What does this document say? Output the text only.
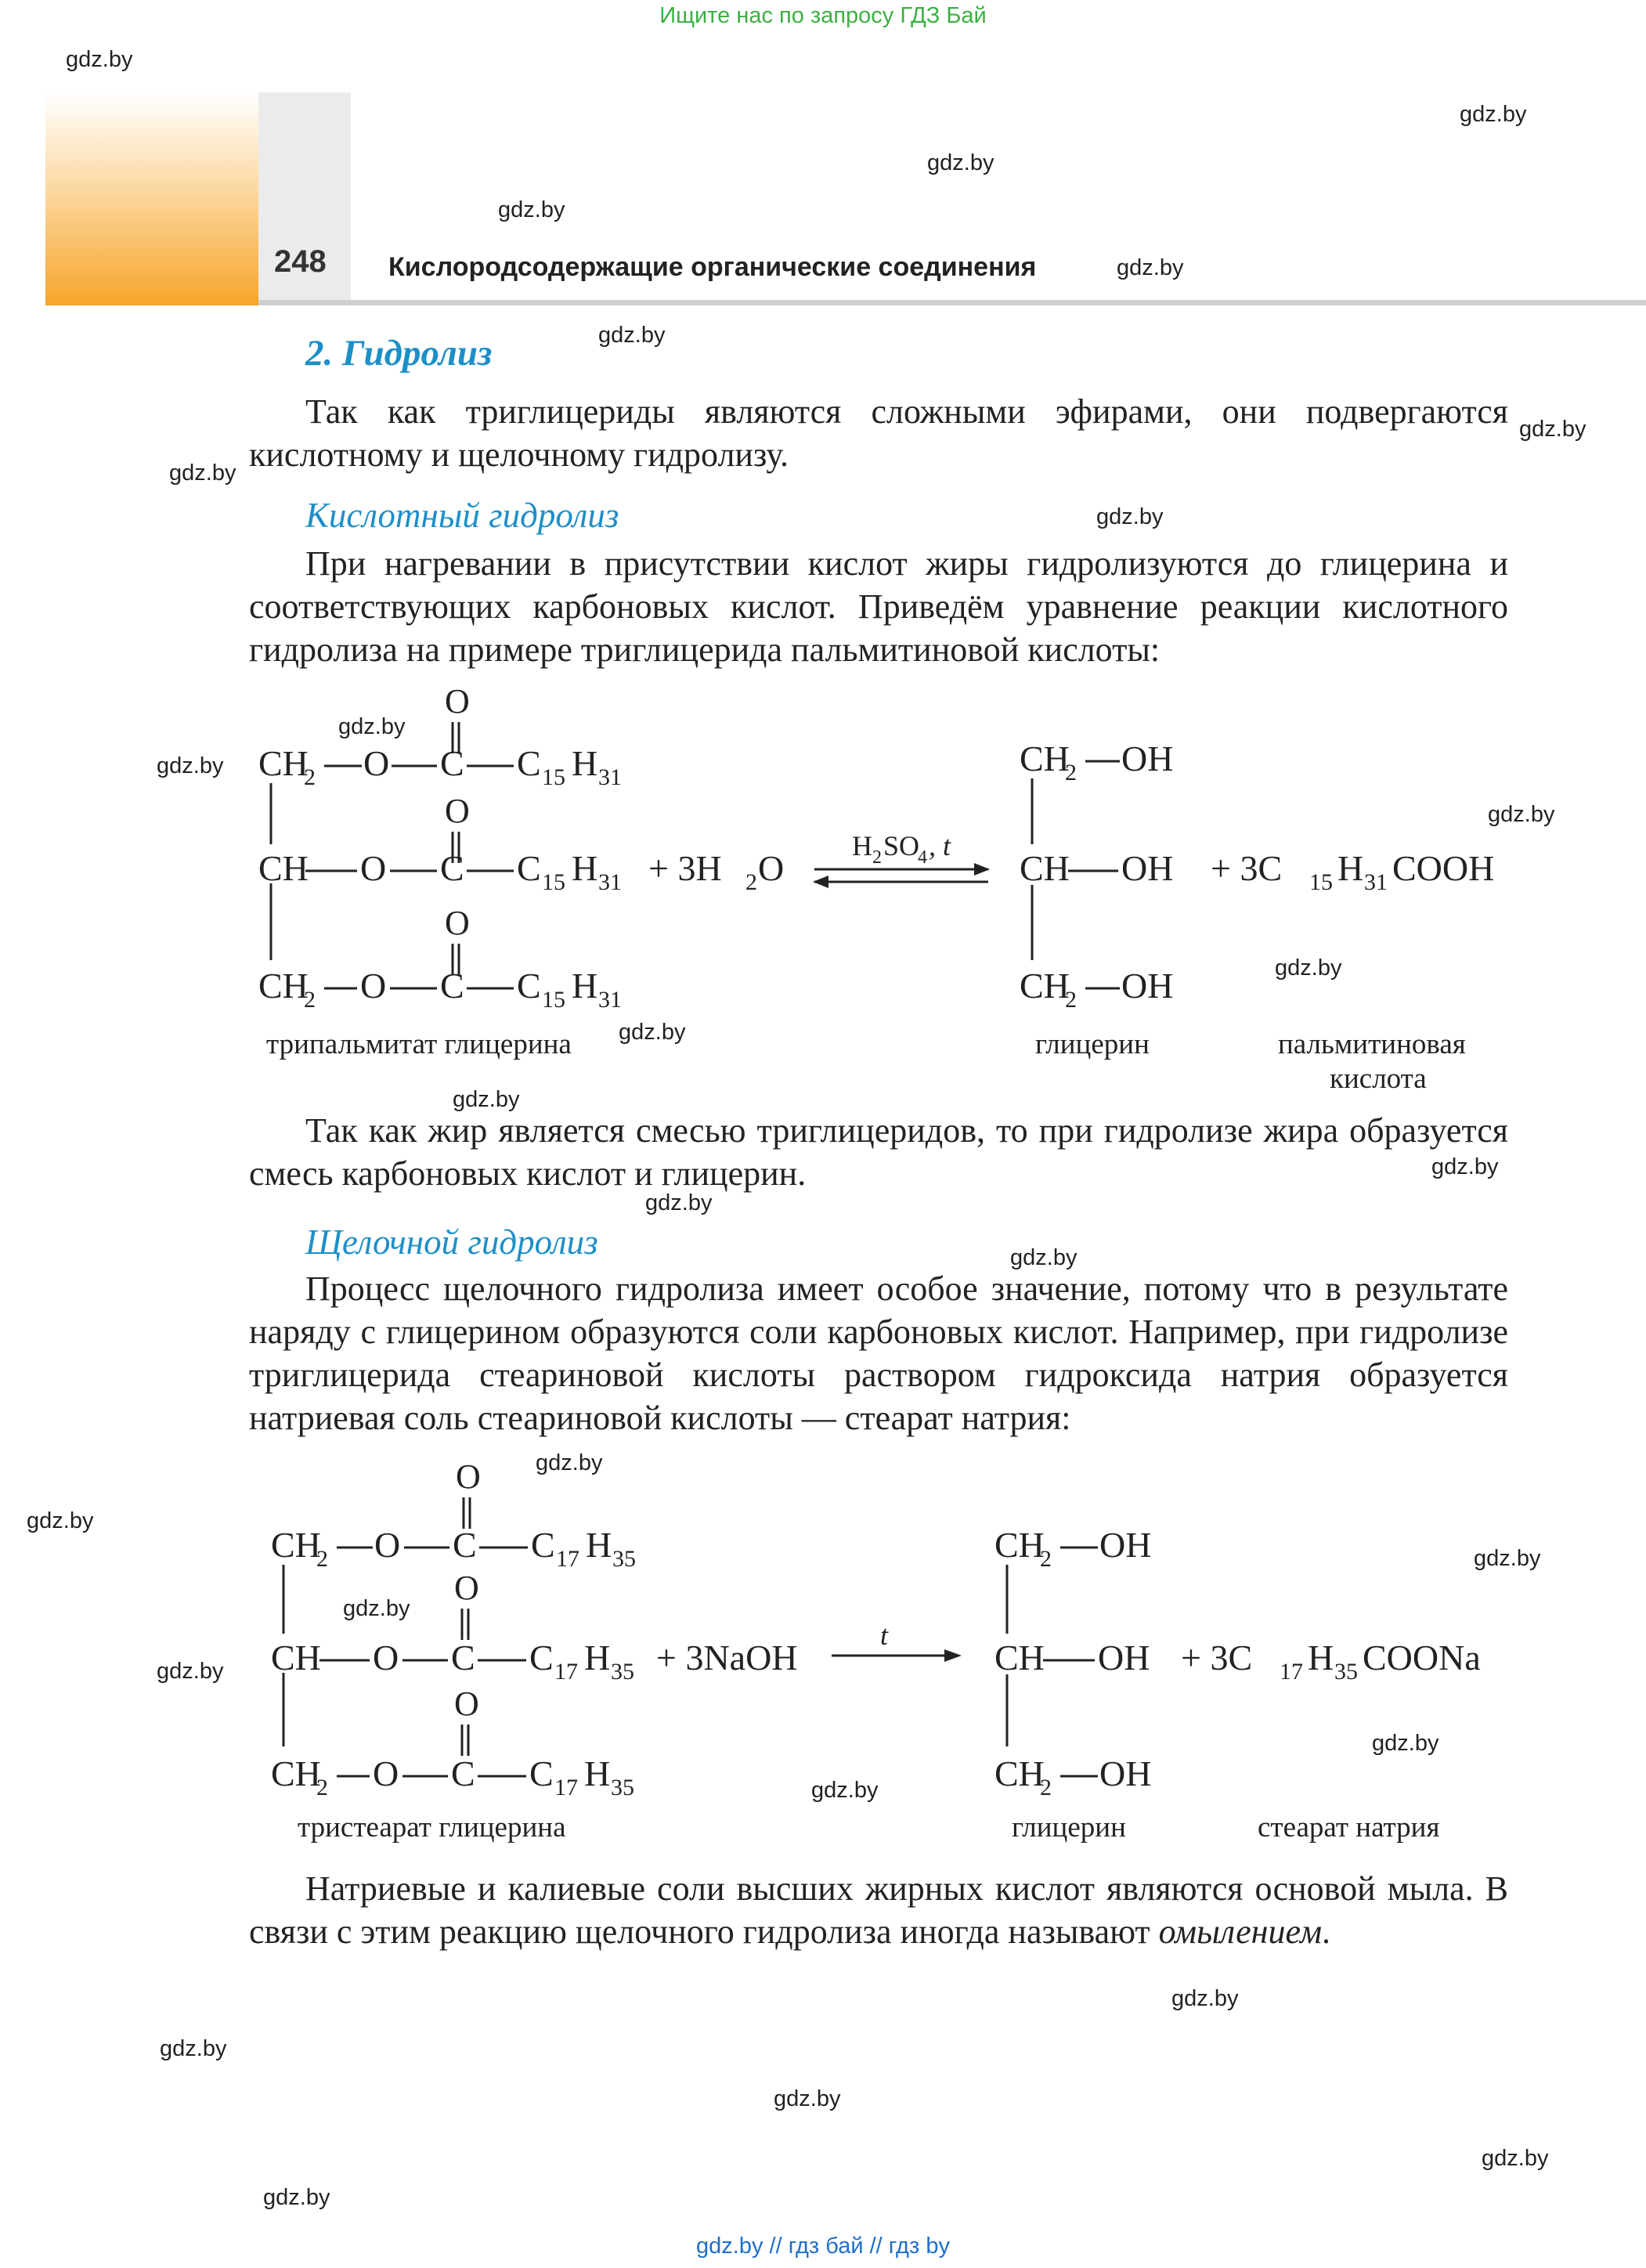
Ищите нас по запросу ГДЗ Бай
gdz.by // гдз бай // гдз by
248 Кислородсодержащие органические соединения
2. Гидролиз

Так как триглицериды являются сложными эфирами, они подвергаются кислотному и щелочному гидролизу.

Кислотный гидролиз

При нагревании в присутствии кислот жиры гидролизуются до глицерина и соответствующих карбоновых кислот. Приведём уравнение реакции кислотного гидролиза на примере триглицерида пальмитиновой кислоты:

O
O
O
CH
2 O C C 15 H 31
CH O C C 15 H 31
CH
2 O C C 15 H 31
+ 3H 2 O
H 2 SO
4 , t
CH
2 OH
CH OH
CH
2 OH
+ 3C 15 H 31 COOH
трипальмитат глицерина	глицерин	пальмитиновая
кислота

Так как жир является смесью триглицеридов, то при гидролизе жира образуется смесь карбоновых кислот и глицерин.

Щелочной гидролиз

Процесс щелочного гидролиза имеет особое значение, потому что в результате наряду с глицерином образуются соли карбоновых кислот. Например, при гидролизе триглицерида стеариновой кислоты раствором гидроксида натрия образуется натриевая соль стеариновой кислоты — стеарат натрия:

O
O
O
CH
2 O C C 17 H 35
CH O C C 17 H 35
CH
2 O C C 17 H 35
+ 3NaOH
t
CH
2 OH
CH OH
CH
2 OH
+ 3C 17 H 35 COONa
тристеарат глицерина	глицерин	стеарат натрия

Натриевые и калиевые соли высших жирных кислот являются основой мыла. В связи с этим реакцию щелочного гидролиза иногда называют омылением.

gdz.by
gdz.by
gdz.by
gdz.by
gdz.by
gdz.by
gdz.by
gdz.by
gdz.by
gdz.by
gdz.by
gdz.by
gdz.by
gdz.by
gdz.by
gdz.by
gdz.by
gdz.by
gdz.by
gdz.by
gdz.by
gdz.by
gdz.by
gdz.by
gdz.by
gdz.by
gdz.by
gdz.by
gdz.by
gdz.by
